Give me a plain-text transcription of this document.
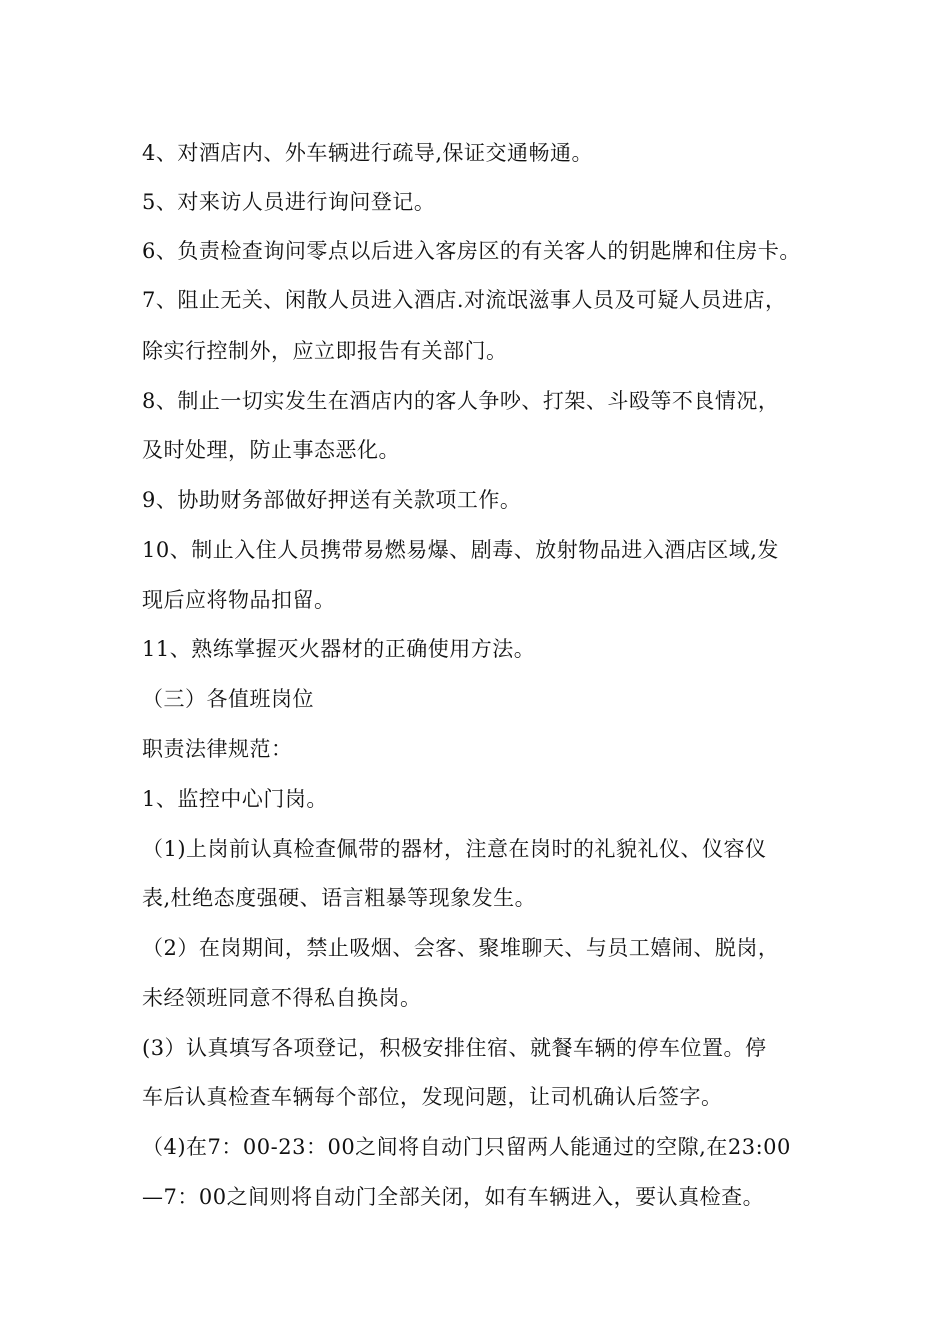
4、对酒店内、外车辆进行疏导,保证交通畅通。
5、对来访人员进行询问登记。
6、负责检查询问零点以后进入客房区的有关客人的钥匙牌和住房卡。
7、阻止无关、闲散人员进入酒店.对流氓滋事人员及可疑人员进店，
除实行控制外，应立即报告有关部门。
8、制止一切实发生在酒店内的客人争吵、打架、斗殴等不良情况，
及时处理，防止事态恶化。
9、协助财务部做好押送有关款项工作。
10、制止入住人员携带易燃易爆、剧毒、放射物品进入酒店区域,发
现后应将物品扣留。
11、熟练掌握灭火器材的正确使用方法。
（三）各值班岗位
职责法律规范：
1、监控中心门岗。
（1)上岗前认真检查佩带的器材，注意在岗时的礼貌礼仪、仪容仪
表,杜绝态度强硬、语言粗暴等现象发生。
（2）在岗期间，禁止吸烟、会客、聚堆聊天、与员工嬉闹、脱岗，
未经领班同意不得私自换岗。
(3）认真填写各项登记，积极安排住宿、就餐车辆的停车位置。停
车后认真检查车辆每个部位，发现问题，让司机确认后签字。
（4)在7：00-23：00之间将自动门只留两人能通过的空隙,在23:00
—7：00之间则将自动门全部关闭，如有车辆进入，要认真检查。
